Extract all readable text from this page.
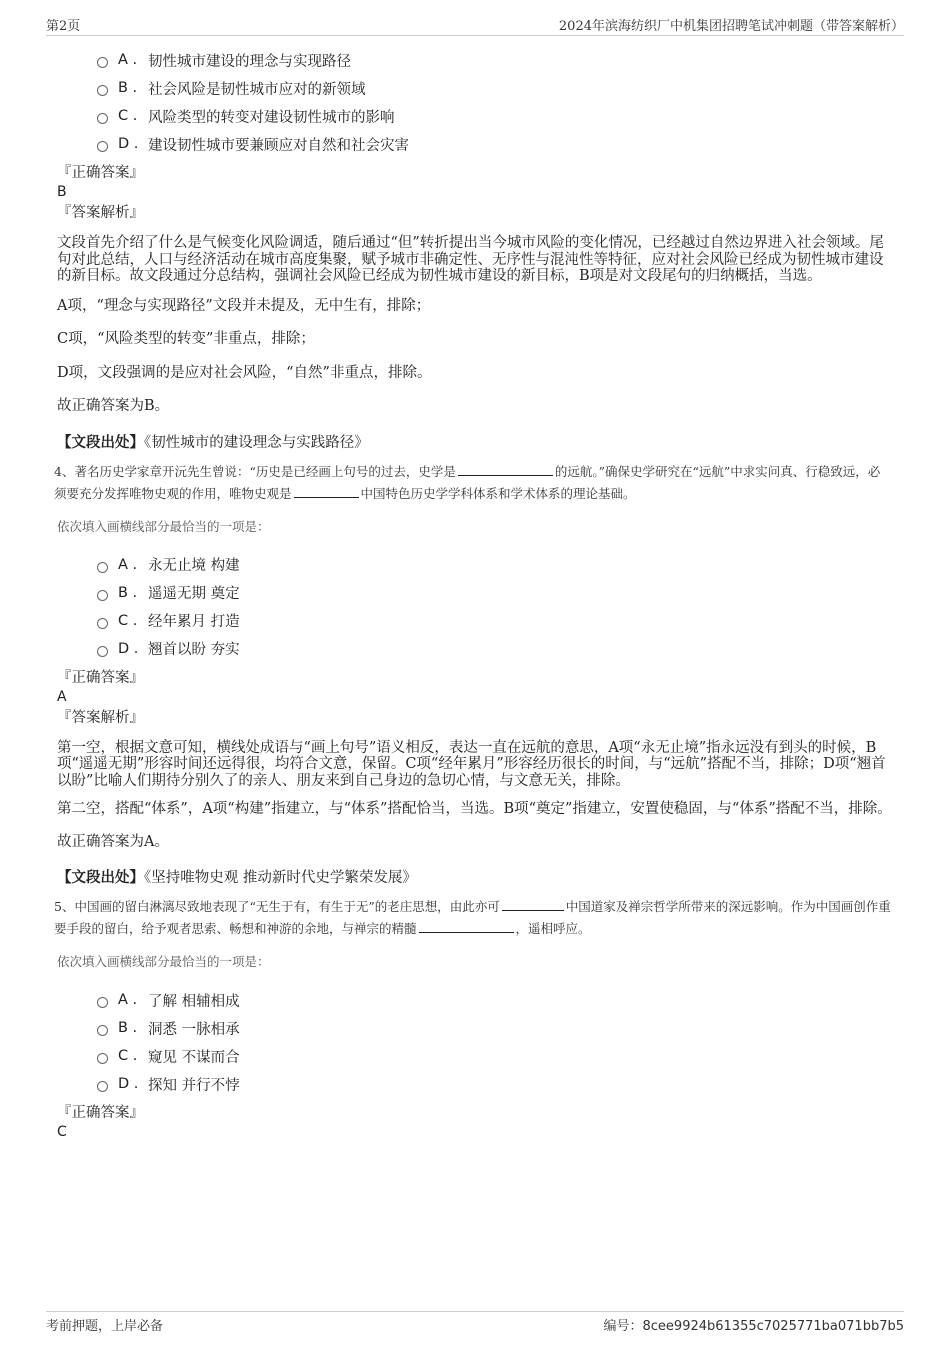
第2页	2024年滨海纺织厂中机集团招聘笔试冲刺题（带答案解析）
A . 韧性城市建设的理念与实现路径
B . 社会风险是韧性城市应对的新领域
C . 风险类型的转变对建设韧性城市的影响
D . 建设韧性城市要兼顾应对自然和社会灾害
『正确答案』
B
『答案解析』

文段首先介绍了什么是气候变化风险调适，随后通过“但”转折提出当今城市风险的变化情况，已经越过自然边界进入社会领域。尾句对此总结，人口与经济活动在城市高度集聚，赋予城市非确定性、无序性与混沌性等特征，应对社会风险已经成为韧性城市建设的新目标。故文段通过分总结构，强调社会风险已经成为韧性城市建设的新目标，B项是对文段尾句的归纳概括，当选。

A项，“理念与实现路径”文段并未提及，无中生有，排除；

C项，“风险类型的转变”非重点，排除；

D项，文段强调的是应对社会风险，“自然”非重点，排除。

故正确答案为B。

【文段出处】《韧性城市的建设理念与实践路径》

4、著名历史学家章开沅先生曾说：“历史是已经画上句号的过去，史学是	的远航。”确保史学研究在“远航”中求实问真、行稳致远，必须要充分发挥唯物史观的作用，唯物史观是	中国特色历史学学科体系和学术体系的理论基础。

依次填入画横线部分最恰当的一项是：

A . 永无止境 构建
B . 遥遥无期 奠定
C . 经年累月 打造
D . 翘首以盼 夯实
『正确答案』
A
『答案解析』

第一空，根据文意可知，横线处成语与“画上句号”语义相反，表达一直在远航的意思，A项“永无止境”指永远没有到头的时候，B项“遥遥无期”形容时间还远得很，均符合文意，保留。C项“经年累月”形容经历很长的时间，与“远航”搭配不当，排除；D项“翘首以盼”比喻人们期待分别久了的亲人、朋友来到自己身边的急切心情，与文意无关，排除。

第二空，搭配“体系”，A项“构建”指建立，与“体系”搭配恰当，当选。B项“奠定”指建立，安置使稳固，与“体系”搭配不当，排除。

故正确答案为A。

【文段出处】《坚持唯物史观 推动新时代史学繁荣发展》

5、中国画的留白淋漓尽致地表现了“无生于有，有生于无”的老庄思想，由此亦可	中国道家及禅宗哲学所带来的深远影响。作为中国画创作重要手段的留白，给予观者思索、畅想和神游的余地，与禅宗的精髓	，遥相呼应。

依次填入画横线部分最恰当的一项是：

A . 了解 相辅相成
B . 洞悉 一脉相承
C . 窥见 不谋而合
D . 探知 并行不悖
『正确答案』
C
考前押题，上岸必备	编号：8cee9924b61355c7025771ba071bb7b5
